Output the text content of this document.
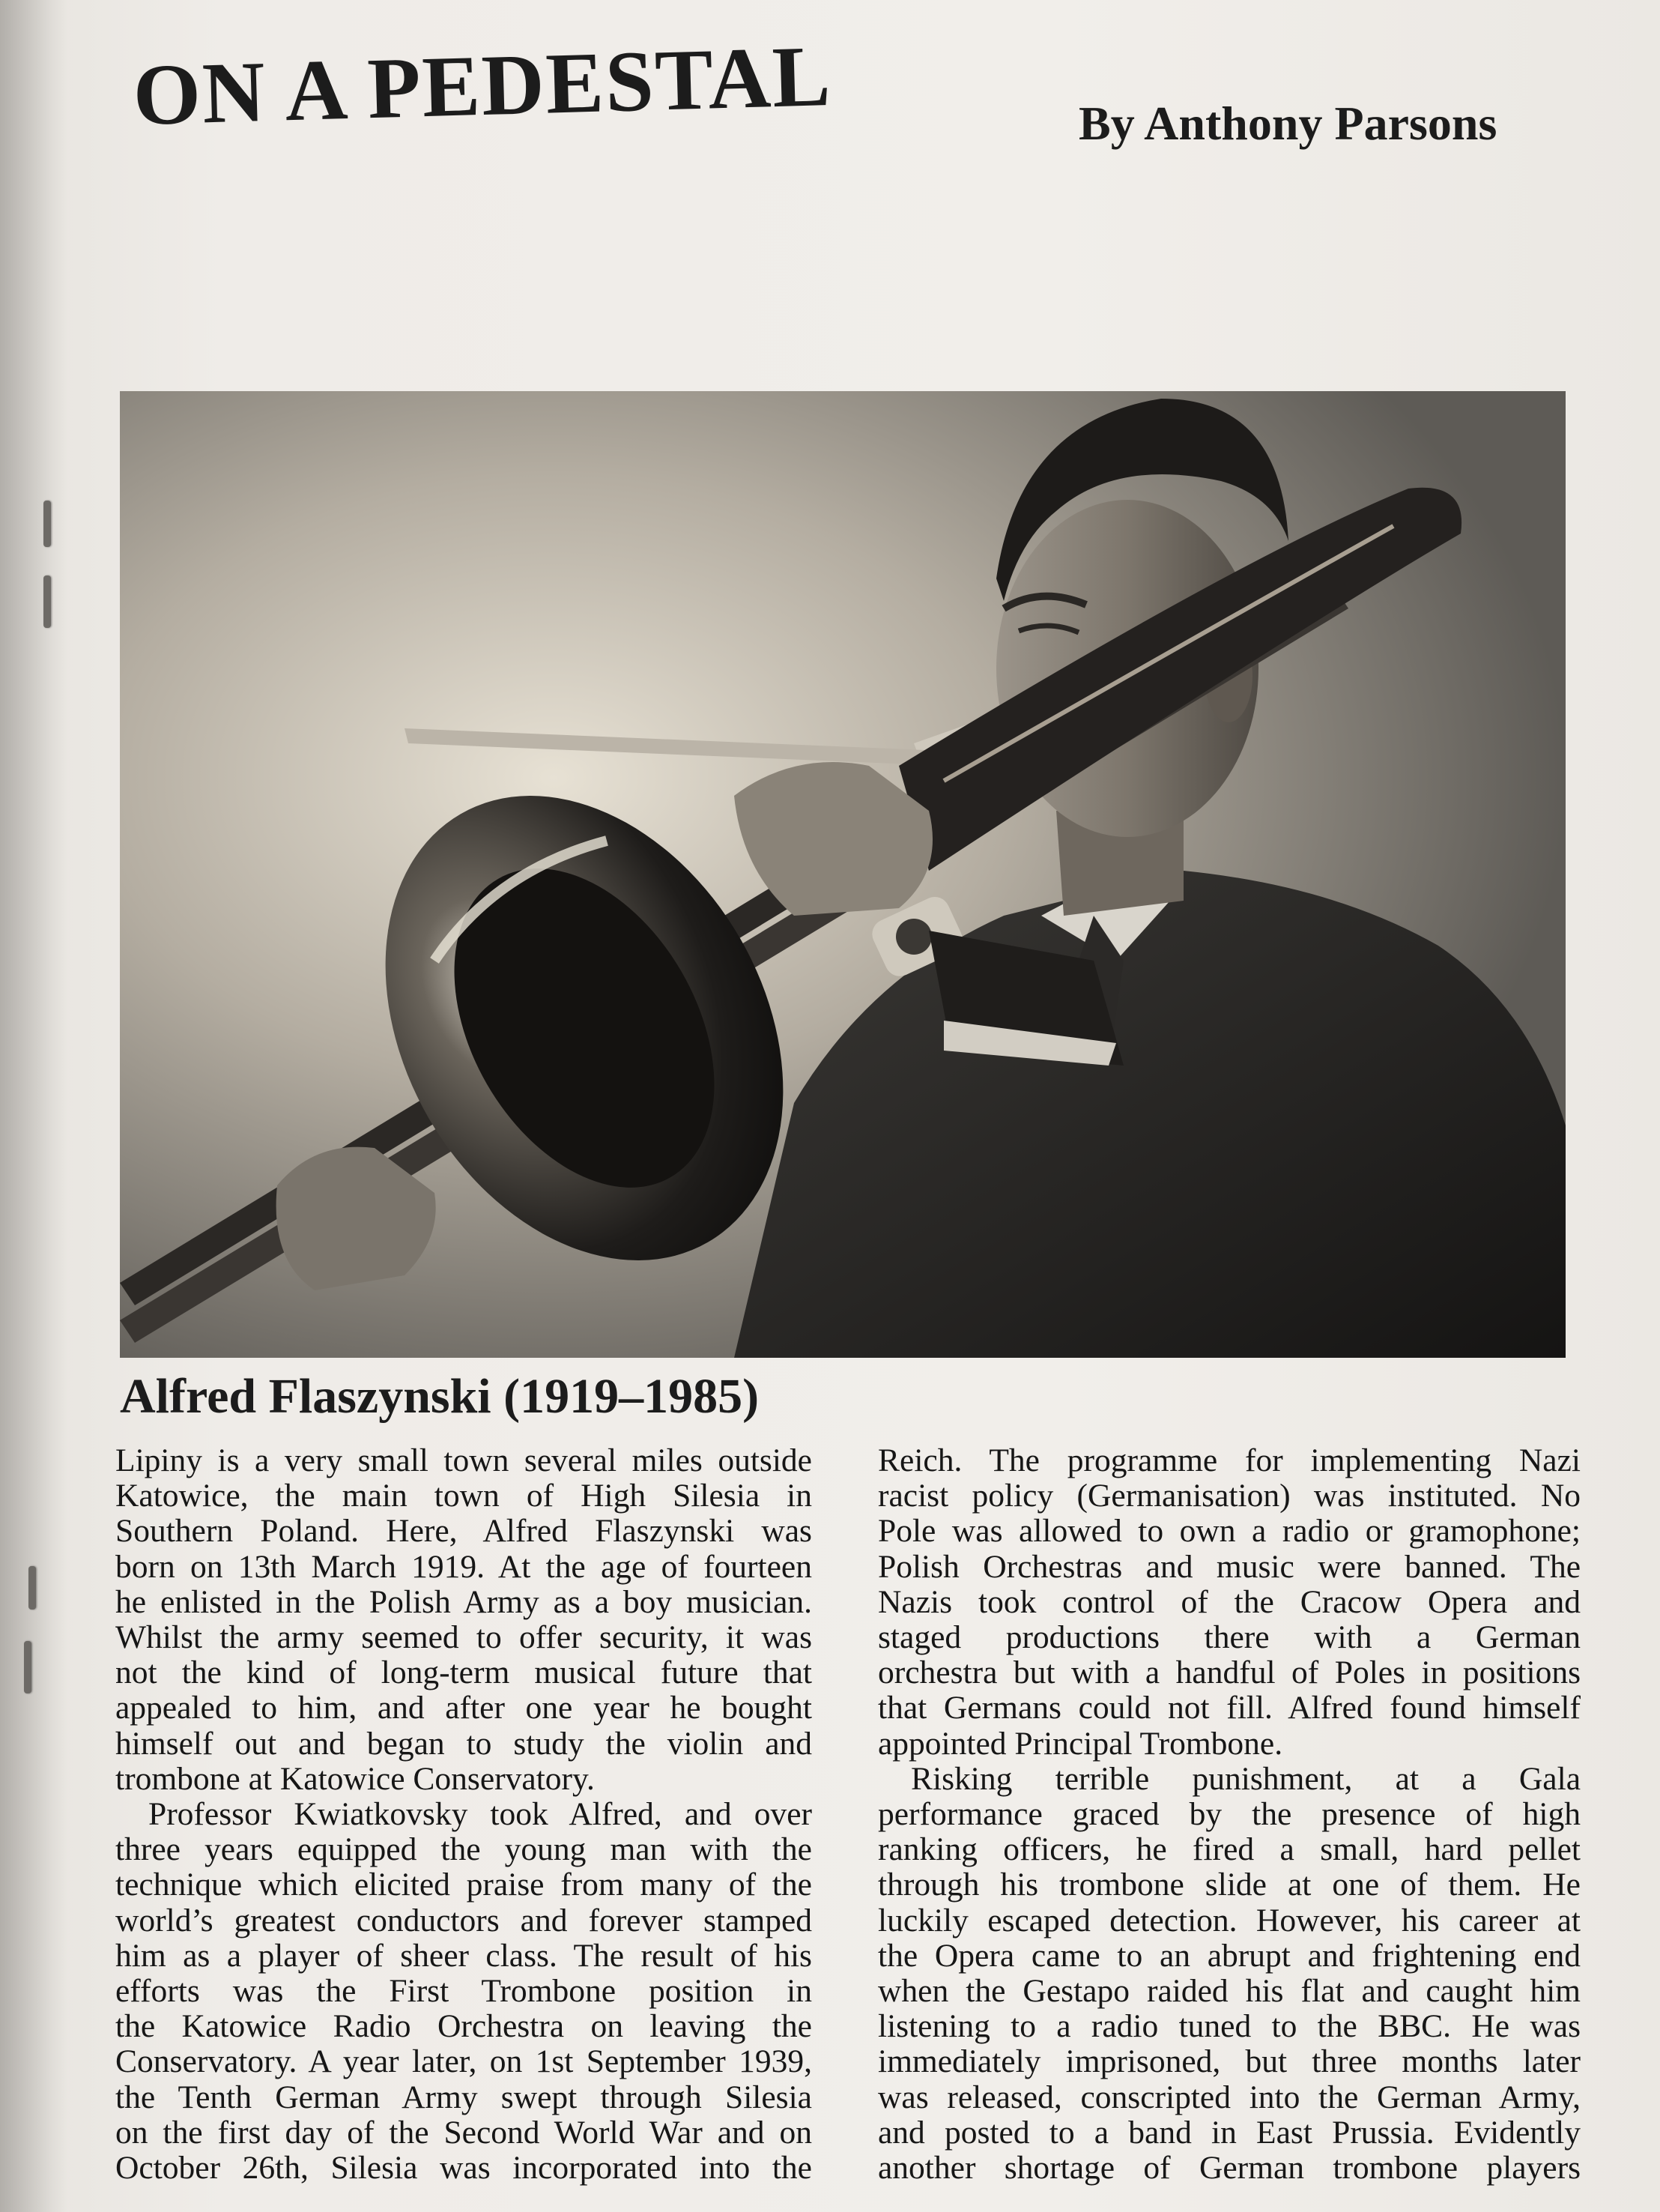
ON A PEDESTAL	By Anthony Parsons
Alfred Flaszynski (1919–1985)
Lipiny is a very small town several miles outside
Katowice, the main town of High Silesia in
Southern Poland. Here, Alfred Flaszynski was
born on 13th March 1919. At the age of fourteen
he enlisted in the Polish Army as a boy musician.
Whilst the army seemed to offer security, it was
not the kind of long-term musical future that
appealed to him, and after one year he bought
himself out and began to study the violin and
trombone at Katowice Conservatory.
Professor Kwiatkovsky took Alfred, and over
three years equipped the young man with the
technique which elicited praise from many of the
world’s greatest conductors and forever stamped
him as a player of sheer class. The result of his
efforts was the First Trombone position in
the Katowice Radio Orchestra on leaving the
Conservatory. A year later, on 1st September 1939,
the Tenth German Army swept through Silesia
on the first day of the Second World War and on
October 26th, Silesia was incorporated into the
Reich. The programme for implementing Nazi
racist policy (Germanisation) was instituted. No
Pole was allowed to own a radio or gramophone;
Polish Orchestras and music were banned. The
Nazis took control of the Cracow Opera and
staged productions there with a German
orchestra but with a handful of Poles in positions
that Germans could not fill. Alfred found himself
appointed Principal Trombone.
Risking terrible punishment, at a Gala
performance graced by the presence of high
ranking officers, he fired a small, hard pellet
through his trombone slide at one of them. He
luckily escaped detection. However, his career at
the Opera came to an abrupt and frightening end
when the Gestapo raided his flat and caught him
listening to a radio tuned to the BBC. He was
immediately imprisoned, but three months later
was released, conscripted into the German Army,
and posted to a band in East Prussia. Evidently
another shortage of German trombone players
